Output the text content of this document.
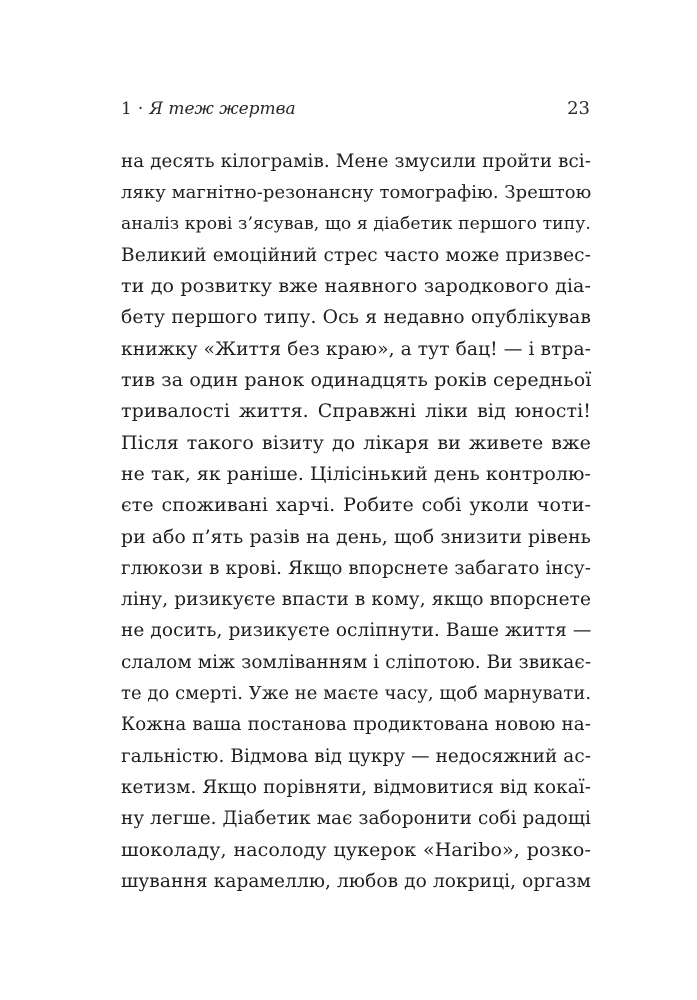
1 · Я теж жертва	23
на десять кілограмів. Мене змусили пройти всі-
ляку магнітно-резонансну томографію. Зрештою
аналіз крові з’ясував, що я діабетик першого типу.
Великий емоційний стрес часто може призвес-
ти до розвитку вже наявного зародкового діа-
бету першого типу. Ось я недавно опублікував
книжку «Життя без краю», а тут бац! — і втра-
тив за один ранок одинадцять років середньої
тривалості життя. Справжні ліки від юності!
Після такого візиту до лікаря ви живете вже
не так, як раніше. Цілісінький день контролю-
єте споживані харчі. Робите собі уколи чоти-
ри або п’ять разів на день, щоб знизити рівень
глюкози в крові. Якщо впорснете забагато інсу-
ліну, ризикуєте впасти в кому, якщо впорснете
не досить, ризикуєте осліпнути. Ваше життя —
слалом між зомліванням і сліпотою. Ви звикає-
те до смерті. Уже не маєте часу, щоб марнувати.
Кожна ваша постанова продиктована новою на-
гальністю. Відмова від цукру — недосяжний ас-
кетизм. Якщо порівняти, відмовитися від кокаї-
ну легше. Діабетик має заборонити собі радощі
шоколаду, насолоду цукерок «Haribo», розко-
шування карамеллю, любов до локриці, оргазм
